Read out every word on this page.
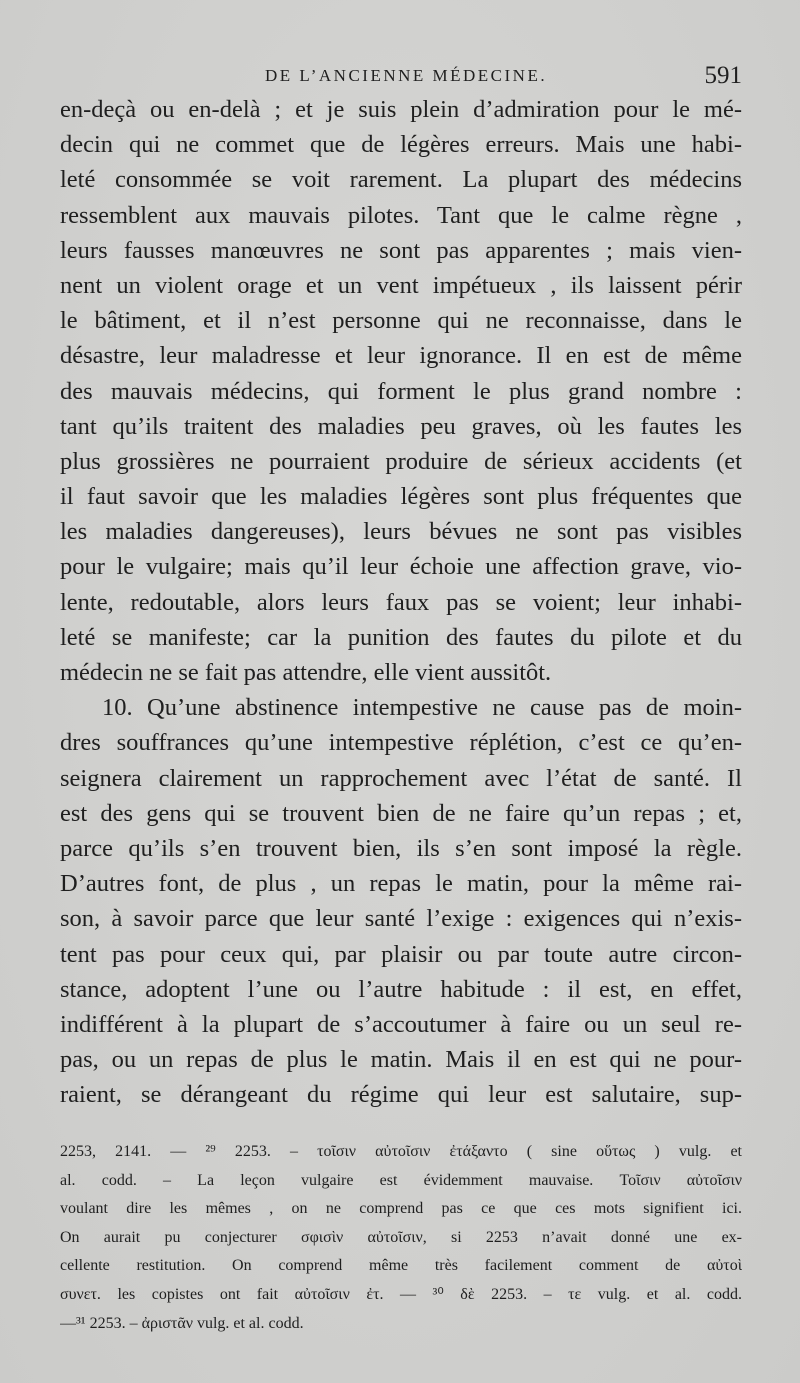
DE L’ANCIENNE MÉDECINE.	591
en-deçà ou en-delà ; et je suis plein d’admiration pour le mé-
decin qui ne commet que de légères erreurs. Mais une habi-
leté consommée se voit rarement. La plupart des médecins
ressemblent aux mauvais pilotes. Tant que le calme règne ,
leurs fausses manœuvres ne sont pas apparentes ; mais vien-
nent un violent orage et un vent impétueux , ils laissent périr
le bâtiment, et il n’est personne qui ne reconnaisse, dans le
désastre, leur maladresse et leur ignorance. Il en est de même
des mauvais médecins, qui forment le plus grand nombre :
tant qu’ils traitent des maladies peu graves, où les fautes les
plus grossières ne pourraient produire de sérieux accidents (et
il faut savoir que les maladies légères sont plus fréquentes que
les maladies dangereuses), leurs bévues ne sont pas visibles
pour le vulgaire; mais qu’il leur échoie une affection grave, vio-
lente, redoutable, alors leurs faux pas se voient; leur inhabi-
leté se manifeste; car la punition des fautes du pilote et du
médecin ne se fait pas attendre, elle vient aussitôt.
10. Qu’une abstinence intempestive ne cause pas de moin-
dres souffrances qu’une intempestive réplétion, c’est ce qu’en-
seignera clairement un rapprochement avec l’état de santé. Il
est des gens qui se trouvent bien de ne faire qu’un repas ; et,
parce qu’ils s’en trouvent bien, ils s’en sont imposé la règle.
D’autres font, de plus , un repas le matin, pour la même rai-
son, à savoir parce que leur santé l’exige : exigences qui n’exis-
tent pas pour ceux qui, par plaisir ou par toute autre circon-
stance, adoptent l’une ou l’autre habitude : il est, en effet,
indifférent à la plupart de s’accoutumer à faire ou un seul re-
pas, ou un repas de plus le matin. Mais il en est qui ne pour-
raient, se dérangeant du régime qui leur est salutaire, sup-
2253, 2141. — ²⁹ 2253. – τοῖσιν αὐτοῖσιν ἐτάξαντο ( sine οὕτως ) vulg. et
al. codd. – La leçon vulgaire est évidemment mauvaise. Τοῖσιν αὐτοῖσιν
voulant dire les mêmes , on ne comprend pas ce que ces mots signifient ici.
On aurait pu conjecturer σφισὶν αὐτοῖσιν, si 2253 n’avait donné une ex-
cellente restitution. On comprend même très facilement comment de αὐτοὶ
συνετ. les copistes ont fait αὐτοῖσιν ἐτ. — ³⁰ δὲ 2253. – τε vulg. et al. codd.
—³¹ 2253. – ἀριστᾶν vulg. et al. codd.
